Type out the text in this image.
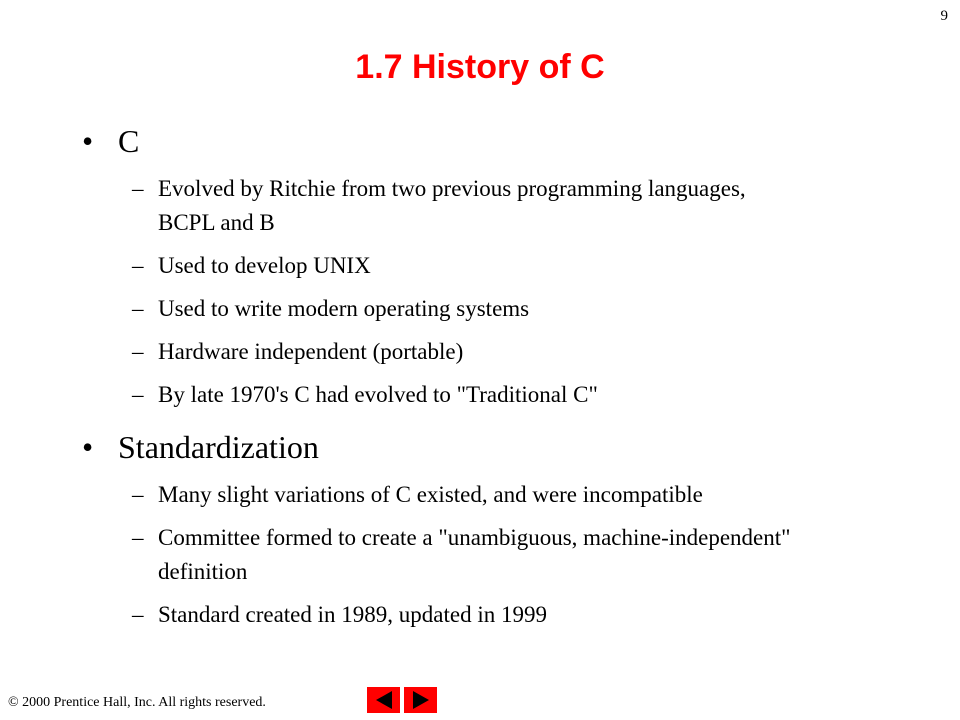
9
1.7 History of C
• C
– Evolved by Ritchie from two previous programming languages, BCPL and B
– Used to develop UNIX
– Used to write modern operating systems
– Hardware independent (portable)
– By late 1970's C had evolved to "Traditional C"
• Standardization
– Many slight variations of C existed, and were incompatible
– Committee formed to create a "unambiguous, machine-independent" definition
– Standard created in 1989, updated in 1999
© 2000 Prentice Hall, Inc. All rights reserved.
